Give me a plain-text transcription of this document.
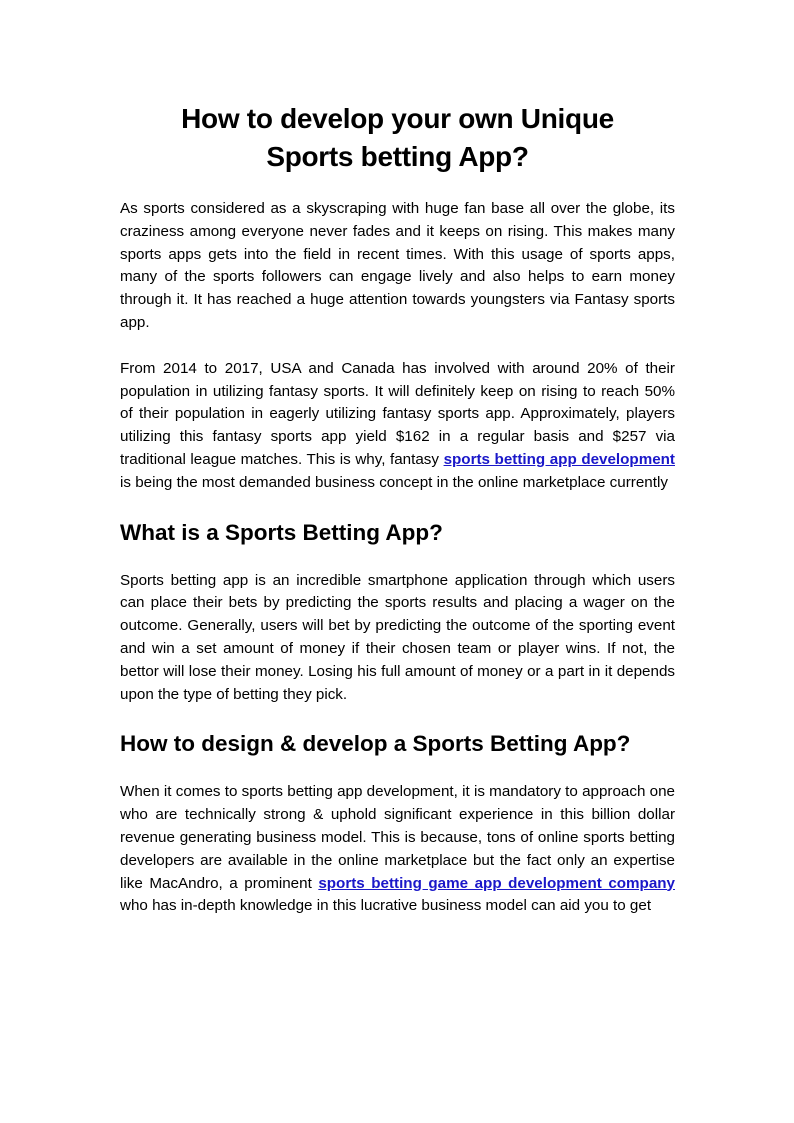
How to develop your own Unique Sports betting App?

As sports considered as a skyscraping with huge fan base all over the globe, its craziness among everyone never fades and it keeps on rising. This makes many sports apps gets into the field in recent times. With this usage of sports apps, many of the sports followers can engage lively and also helps to earn money through it. It has reached a huge attention towards youngsters via Fantasy sports app.

From 2014 to 2017, USA and Canada has involved with around 20% of their population in utilizing fantasy sports. It will definitely keep on rising to reach 50% of their population in eagerly utilizing fantasy sports app. Approximately, players utilizing this fantasy sports app yield $162 in a regular basis and $257 via traditional league matches. This is why, fantasy sports betting app development is being the most demanded business concept in the online marketplace currently

What is a Sports Betting App?

Sports betting app is an incredible smartphone application through which users can place their bets by predicting the sports results and placing a wager on the outcome. Generally, users will bet by predicting the outcome of the sporting event and win a set amount of money if their chosen team or player wins. If not, the bettor will lose their money. Losing his full amount of money or a part in it depends upon the type of betting they pick.

How to design & develop a Sports Betting App?

When it comes to sports betting app development, it is mandatory to approach one who are technically strong & uphold significant experience in this billion dollar revenue generating business model. This is because, tons of online sports betting developers are available in the online marketplace but the fact only an expertise like MacAndro, a prominent sports betting game app development company who has in-depth knowledge in this lucrative business model can aid you to get
